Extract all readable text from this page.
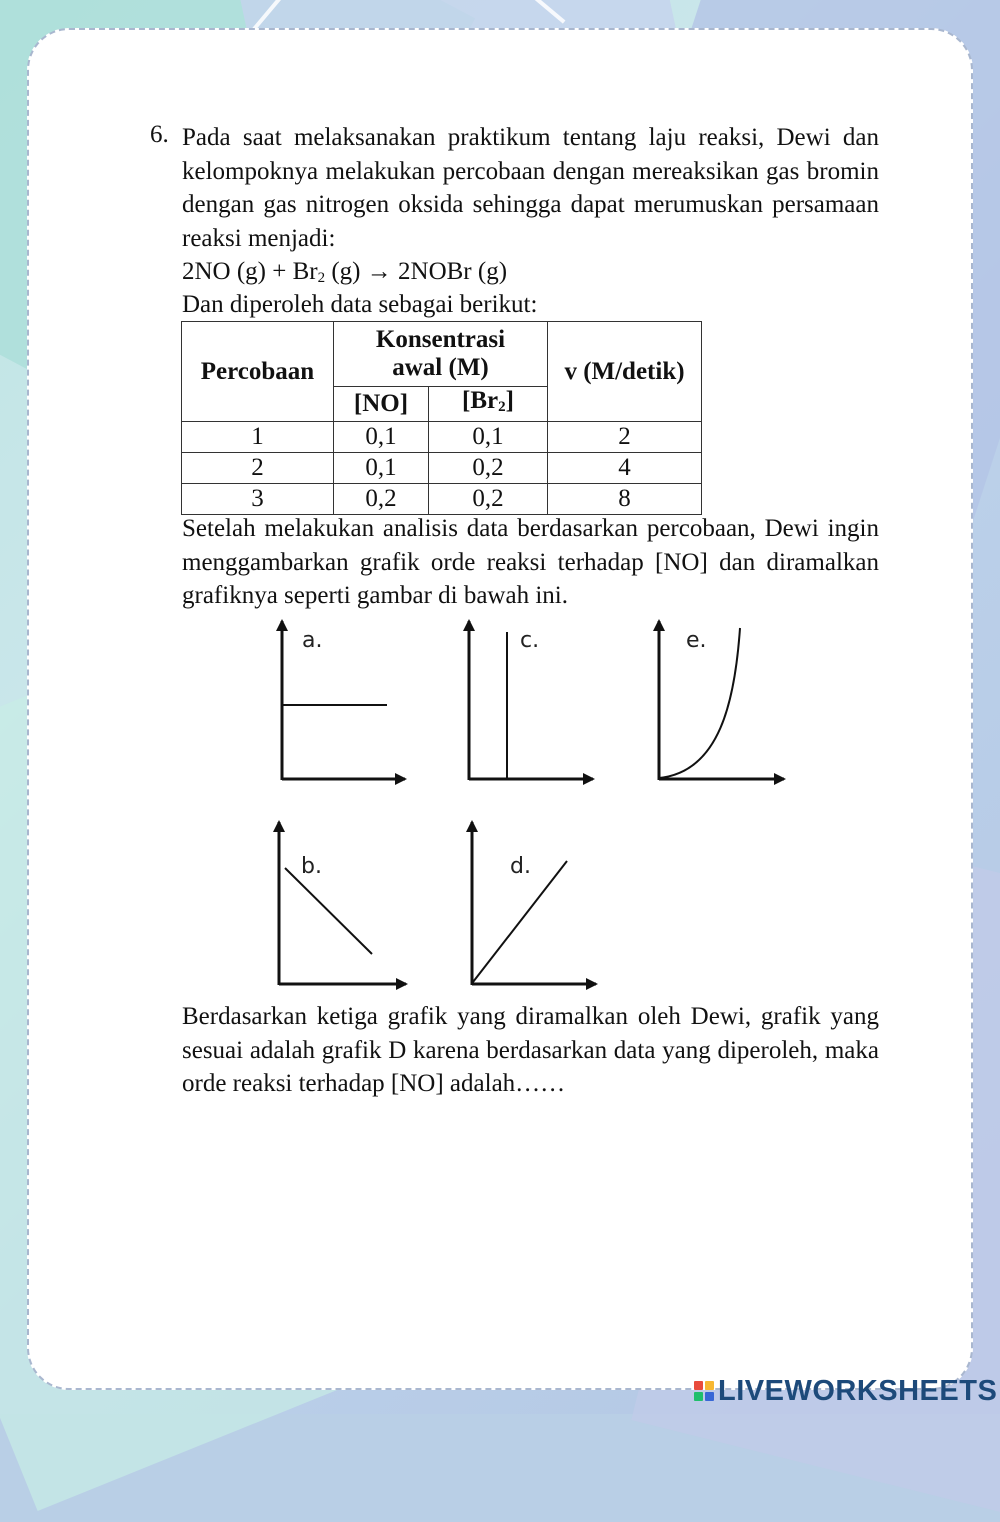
6. Pada saat melaksanakan praktikum tentang laju reaksi, Dewi dan kelompoknya melakukan percobaan dengan mereaksikan gas bromin dengan gas nitrogen oksida sehingga dapat merumuskan persamaan reaksi menjadi:

2NO $(g) + Br_2$ (g) → 2NOBr (g)
Dan diperoleh data sebagai berikut:
Percobaan	Konsentrasi awal (M)		v (M/detik)
	[NO]	$[Br_2]$	
1	0,1	0,1	2
2	0,1	0,2	4
3	0,2	0,2	8

Setelah melakukan analisis data berdasarkan percobaan, Dewi ingin menggambarkan grafik orde reaksi terhadap [NO] dan diramalkan grafiknya seperti gambar di bawah ini.

a.	c.	e.
b.	d.

Berdasarkan ketiga grafik yang diramalkan oleh Dewi, grafik yang sesuai adalah grafik D karena berdasarkan data yang diperoleh, maka orde reaksi terhadap [NO] adalah……

LIVEWORKSHEETS
